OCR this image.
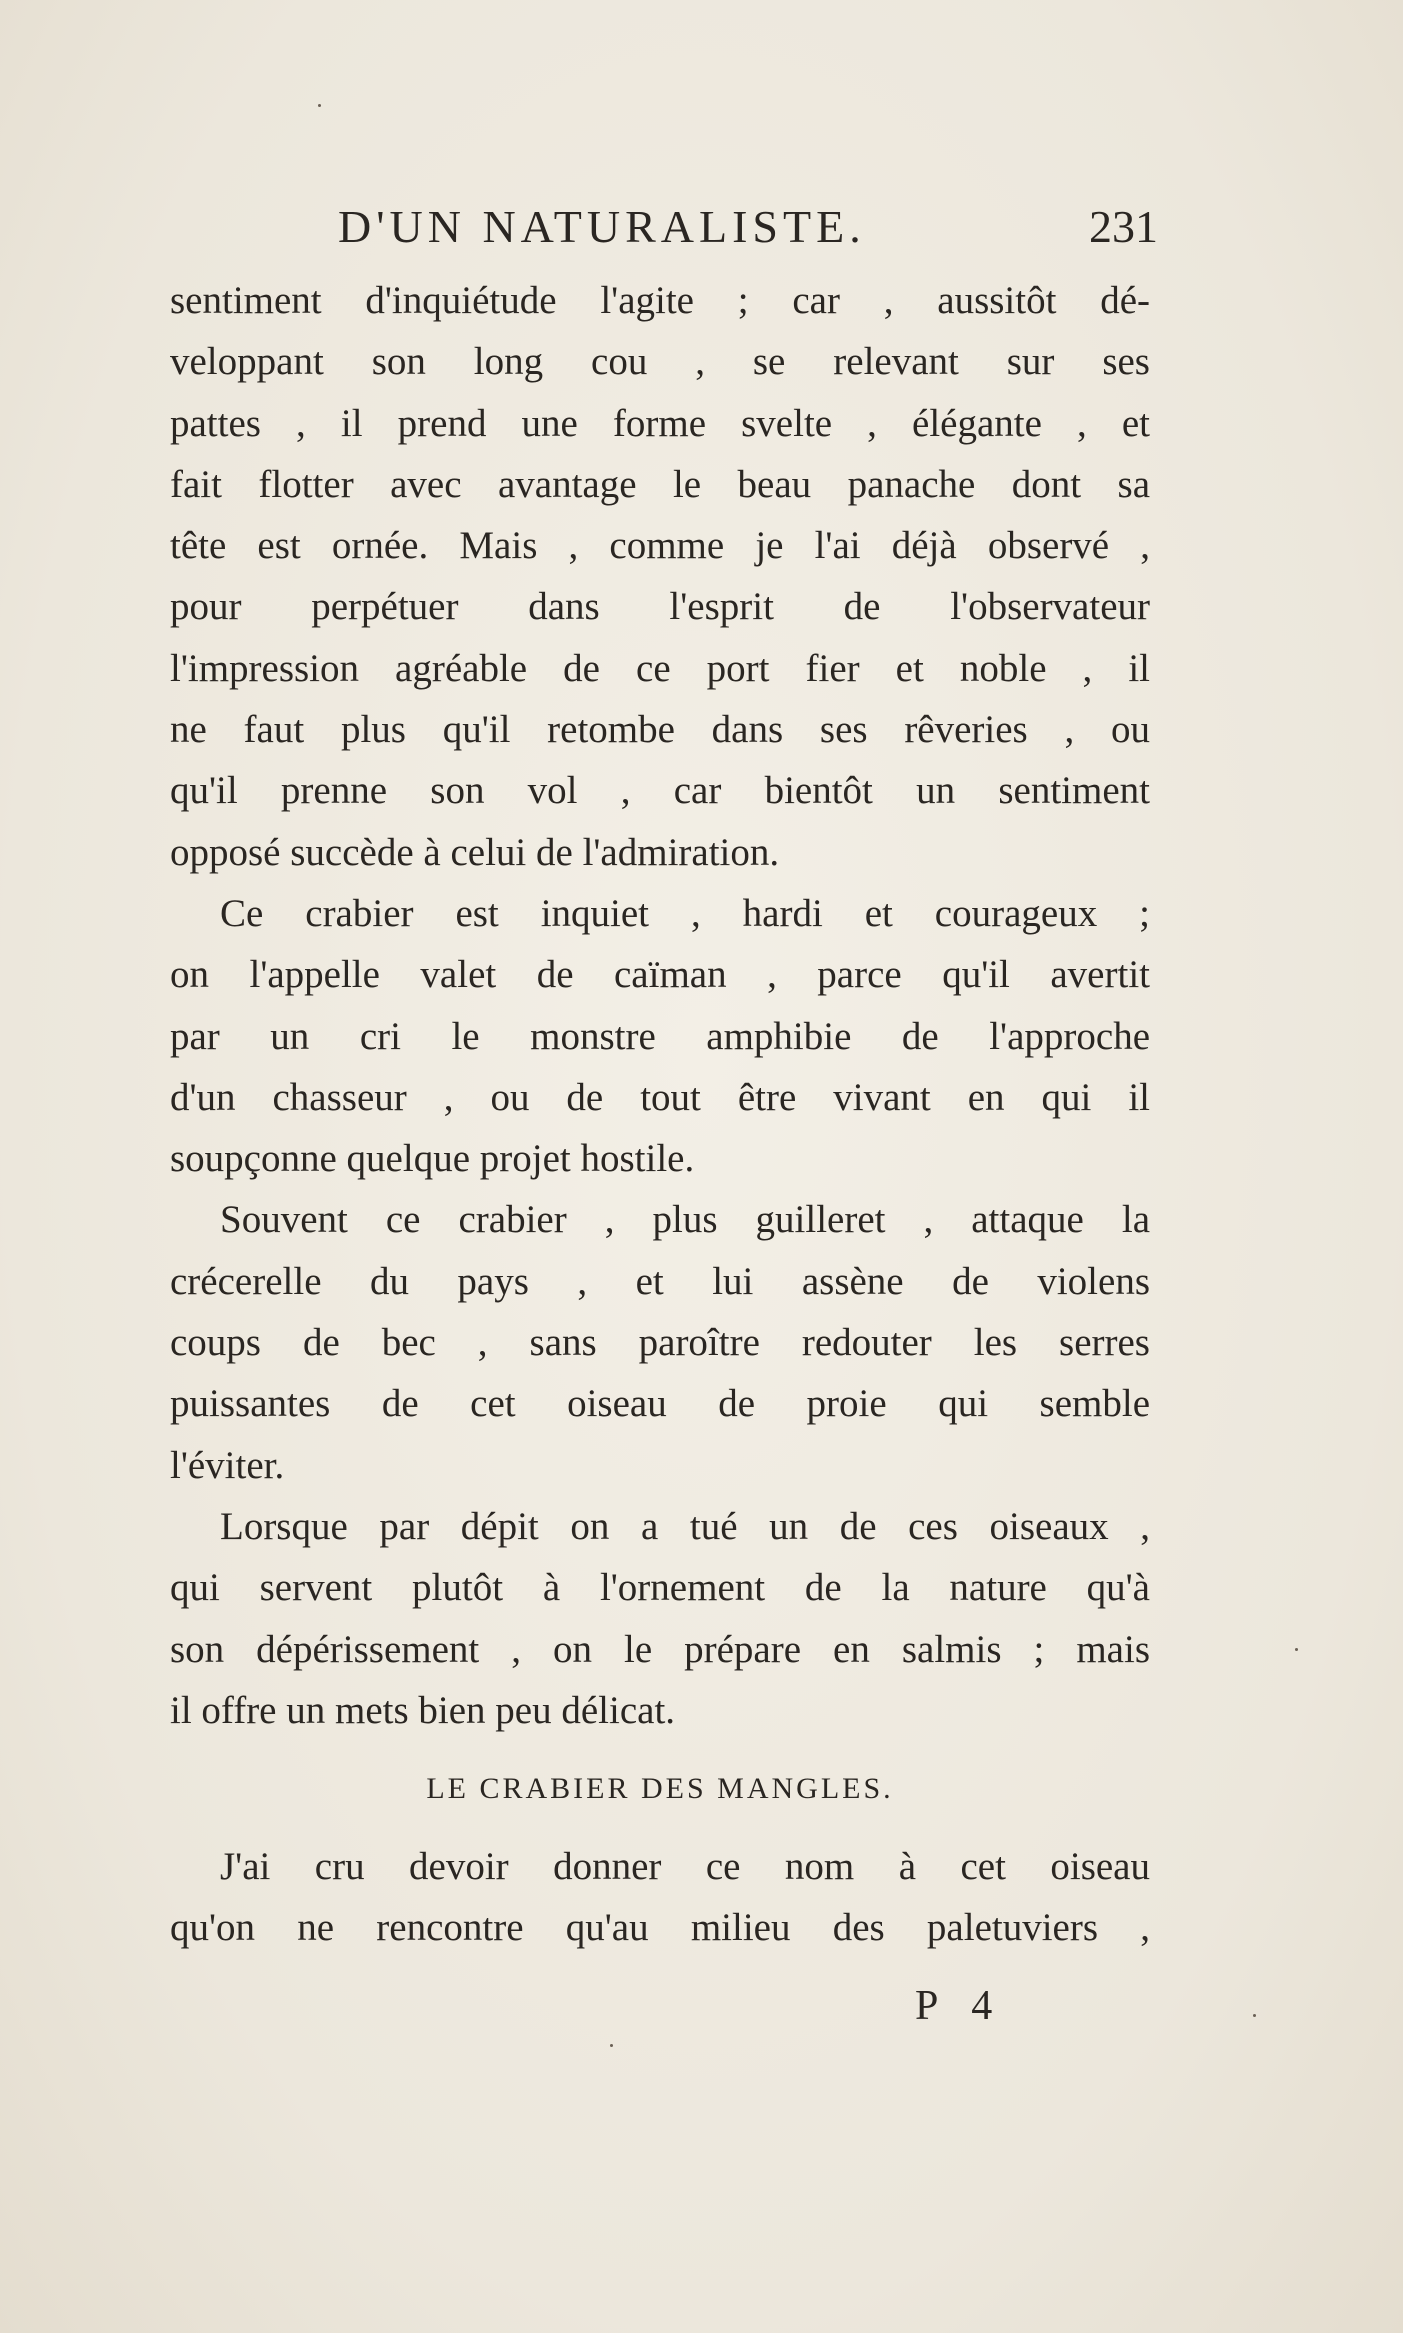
D'UN NATURALISTE.	231
sentiment d'inquiétude l'agite ; car , aussitôt dé-
veloppant son long cou , se relevant sur ses
pattes , il prend une forme svelte , élégante , et
fait flotter avec avantage le beau panache dont sa
tête est ornée. Mais , comme je l'ai déjà observé ,
pour perpétuer dans l'esprit de l'observateur
l'impression agréable de ce port fier et noble , il
ne faut plus qu'il retombe dans ses rêveries , ou
qu'il prenne son vol , car bientôt un sentiment
opposé succède à celui de l'admiration.
Ce crabier est inquiet , hardi et courageux ;
on l'appelle valet de caïman , parce qu'il avertit
par un cri le monstre amphibie de l'approche
d'un chasseur , ou de tout être vivant en qui il
soupçonne quelque projet hostile.
Souvent ce crabier , plus guilleret , attaque la
crécerelle du pays , et lui assène de violens
coups de bec , sans paroître redouter les serres
puissantes de cet oiseau de proie qui semble
l'éviter.
Lorsque par dépit on a tué un de ces oiseaux ,
qui servent plutôt à l'ornement de la nature qu'à
son dépérissement , on le prépare en salmis ; mais
il offre un mets bien peu délicat.
LE CRABIER DES MANGLES.
J'ai cru devoir donner ce nom à cet oiseau
qu'on ne rencontre qu'au milieu des paletuviers ,
P 4
